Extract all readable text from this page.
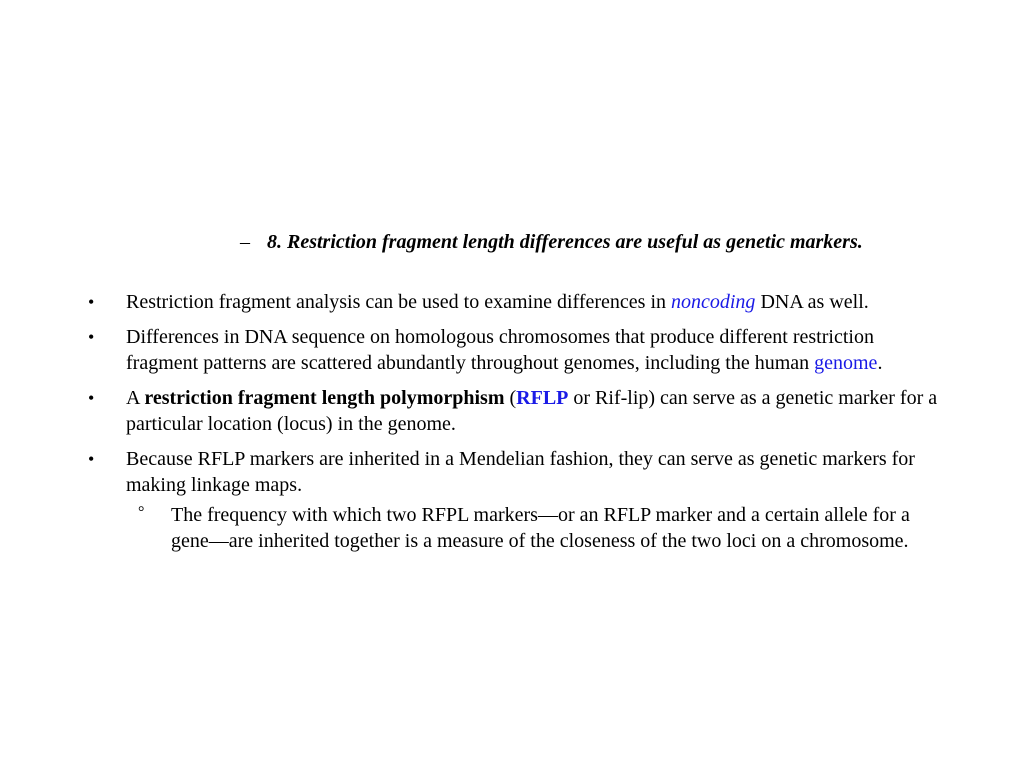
– 8. Restriction fragment length differences are useful as genetic markers.
• Restriction fragment analysis can be used to examine differences in noncoding DNA as well.
• Differences in DNA sequence on homologous chromosomes that produce different restriction fragment patterns are scattered abundantly throughout genomes, including the human genome.
• A restriction fragment length polymorphism (RFLP or Rif-lip) can serve as a genetic marker for a particular location (locus) in the genome.
• Because RFLP markers are inherited in a Mendelian fashion, they can serve as genetic markers for making linkage maps.
° The frequency with which two RFPL markers—or an RFLP marker and a certain allele for a gene—are inherited together is a measure of the closeness of the two loci on a chromosome.
